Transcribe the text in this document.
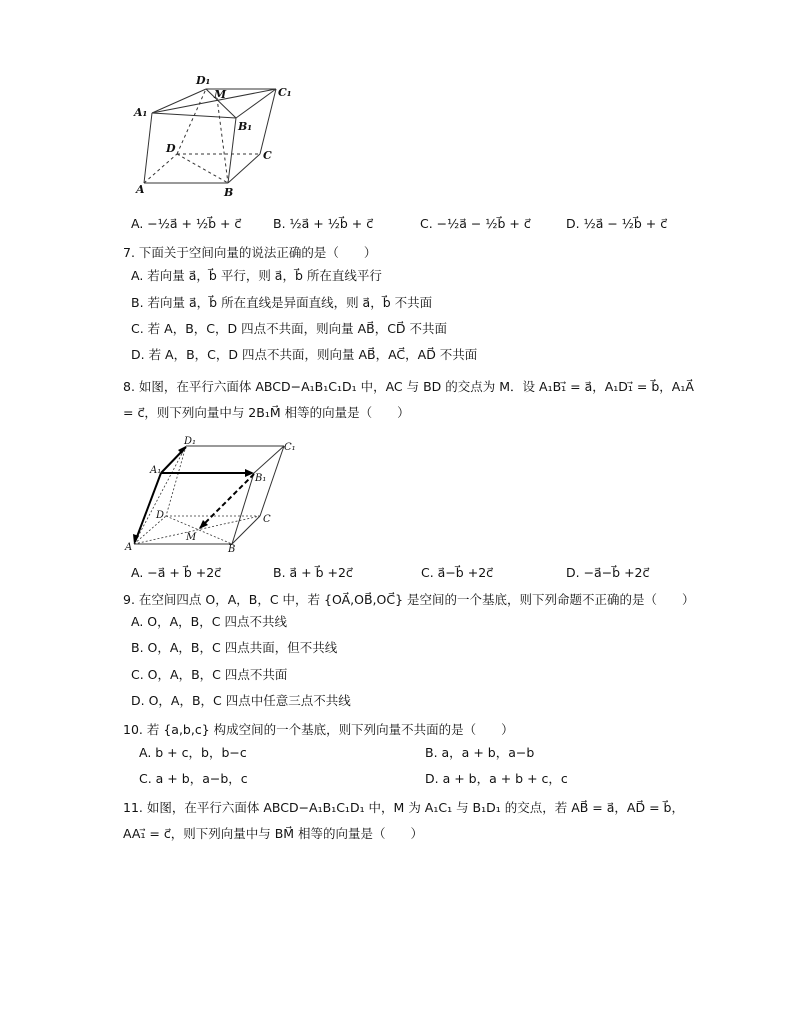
D₁
M	C₁
A₁
B₁
D
C
A	B
A. −½a⃗ + ½b⃗ + c⃗	B. ½a⃗ + ½b⃗ + c⃗	C. −½a⃗ − ½b⃗ + c⃗	D. ½a⃗ − ½b⃗ + c⃗
7. 下面关于空间向量的说法正确的是（　　）
A. 若向量 a⃗，b⃗ 平行，则 a⃗，b⃗ 所在直线平行
B. 若向量 a⃗，b⃗ 所在直线是异面直线，则 a⃗，b⃗ 不共面
C. 若 A，B，C，D 四点不共面，则向量 AB⃗，CD⃗ 不共面
D. 若 A，B，C，D 四点不共面，则向量 AB⃗，AC⃗，AD⃗ 不共面
8. 如图，在平行六面体 ABCD−A₁B₁C₁D₁ 中，AC 与 BD 的交点为 M．设 A₁B₁⃗ = a⃗，A₁D₁⃗ = b⃗，A₁A⃗
= c⃗，则下列向量中与 2B₁M⃗ 相等的向量是（　　）
D₁
C₁
A₁
B₁
D	C
M
A	B
A. −a⃗ + b⃗ +2c⃗	B. a⃗ + b⃗ +2c⃗	C. a⃗−b⃗ +2c⃗	D. −a⃗−b⃗ +2c⃗
9. 在空间四点 O，A，B，C 中，若 {OA⃗,OB⃗,OC⃗} 是空间的一个基底，则下列命题不正确的是（　　）
A. O，A，B，C 四点不共线
B. O，A，B，C 四点共面，但不共线
C. O，A，B，C 四点不共面
D. O，A，B，C 四点中任意三点不共线
10. 若 {a,b,c} 构成空间的一个基底，则下列向量不共面的是（　　）
A. b + c，b，b−c	B. a，a + b，a−b
C. a + b，a−b，c	D. a + b，a + b + c，c
11. 如图，在平行六面体 ABCD−A₁B₁C₁D₁ 中，M 为 A₁C₁ 与 B₁D₁ 的交点，若 AB⃗ = a⃗，AD⃗ = b⃗，
AA₁⃗ = c⃗，则下列向量中与 BM⃗ 相等的向量是（　　）
